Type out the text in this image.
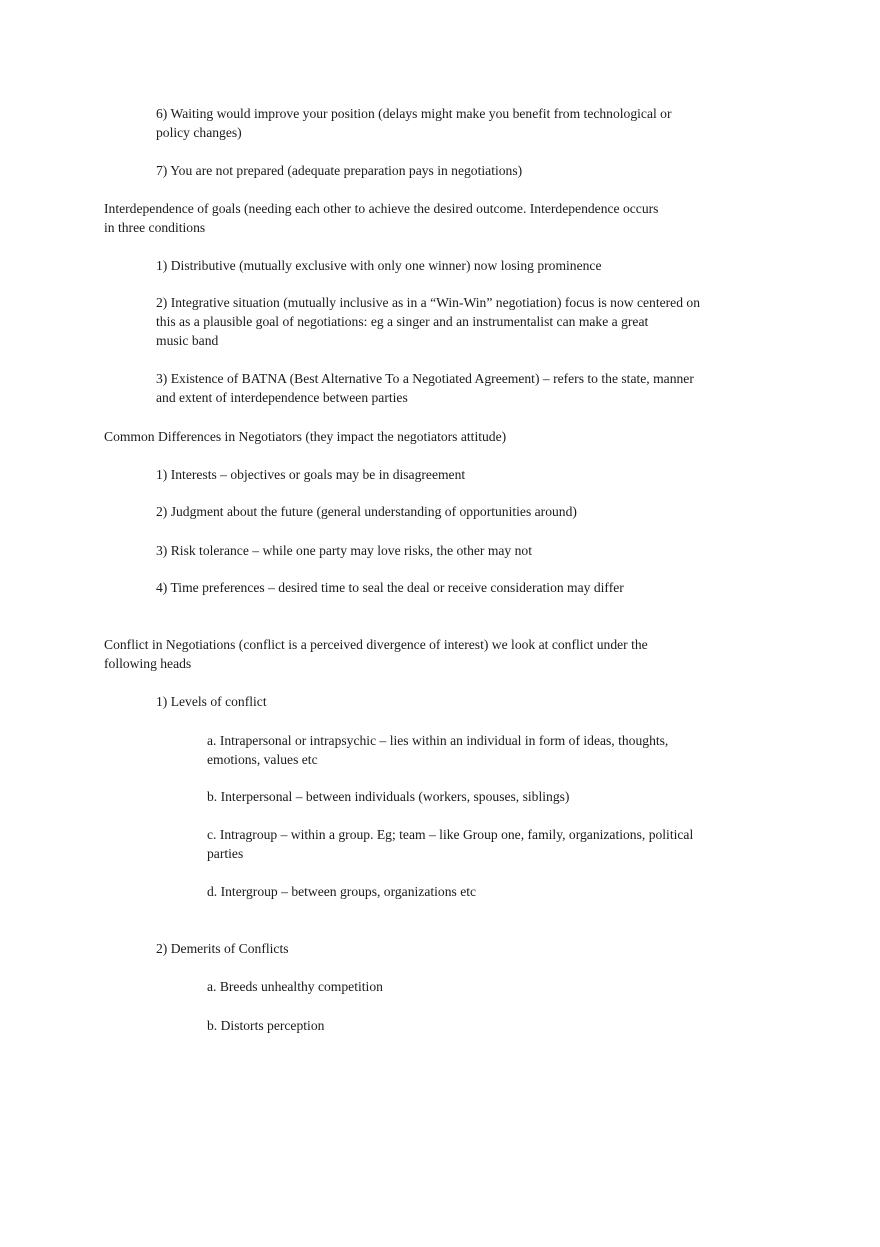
6) Waiting would improve your position (delays might make you benefit from technological or
policy changes)

7) You are not prepared (adequate preparation pays in negotiations)

Interdependence of goals (needing each other to achieve the desired outcome. Interdependence occurs
in three conditions

1) Distributive (mutually exclusive with only one winner) now losing prominence

2) Integrative situation (mutually inclusive as in a “Win-Win” negotiation) focus is now centered on
this as a plausible goal of negotiations: eg a singer and an instrumentalist can make a great
music band

3) Existence of BATNA (Best Alternative To a Negotiated Agreement) – refers to the state, manner
and extent of interdependence between parties

Common Differences in Negotiators (they impact the negotiators attitude)

1) Interests – objectives or goals may be in disagreement

2) Judgment about the future (general understanding of opportunities around)

3) Risk tolerance – while one party may love risks, the other may not

4) Time preferences – desired time to seal the deal or receive consideration may differ

Conflict in Negotiations (conflict is a perceived divergence of interest) we look at conflict under the
following heads

1) Levels of conflict

a. Intrapersonal or intrapsychic – lies within an individual in form of ideas, thoughts,
emotions, values etc

b. Interpersonal – between individuals (workers, spouses, siblings)

c. Intragroup – within a group. Eg; team – like Group one, family, organizations, political
parties

d. Intergroup – between groups, organizations etc

2) Demerits of Conflicts

a. Breeds unhealthy competition

b. Distorts perception
